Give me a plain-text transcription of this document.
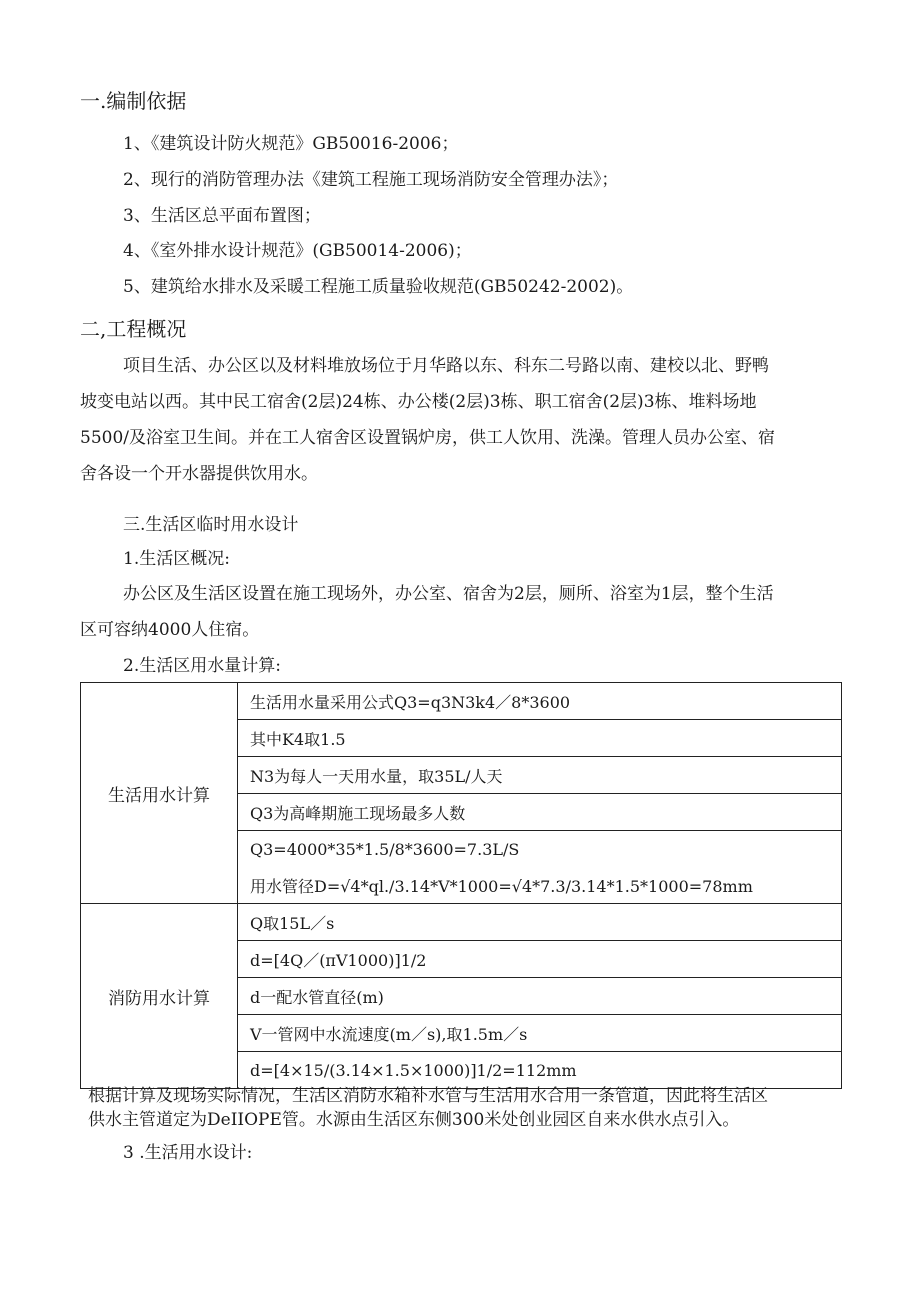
一.编制依据
1、《建筑设计防火规范》GB50016-2006；
2、现行的消防管理办法《建筑工程施工现场消防安全管理办法》；
3、生活区总平面布置图；
4、《室外排水设计规范》(GB50014-2006)；
5、建筑给水排水及采暖工程施工质量验收规范(GB50242-2002)。
二,工程概况
项目生活、办公区以及材料堆放场位于月华路以东、科东二号路以南、建校以北、野鸭
坡变电站以西。其中民工宿舍(2层)24栋、办公楼(2层)3栋、职工宿舍(2层)3栋、堆料场地
5500/及浴室卫生间。并在工人宿舍区设置锅炉房，供工人饮用、洗澡。管理人员办公室、宿
舍各设一个开水器提供饮用水。
三.生活区临时用水设计
1.生活区概况:
办公区及生活区设置在施工现场外，办公室、宿舍为2层，厕所、浴室为1层，整个生活
区可容纳4000人住宿。
2.生活区用水量计算:
生活用水计算	生活用水量采用公式Q3=q3N3k4／8*3600
	其中K4取1.5
	N3为每人一天用水量，取35L/人天
	Q3为高峰期施工现场最多人数
	Q3=4000*35*1.5/8*3600=7.3L/S
	用水管径D=√4*ql./3.14*V*1000=√4*7.3/3.14*1.5*1000=78mm
消防用水计算	Q取15L／s
	d=[4Q／(πV1000)]1/2
	d一配水管直径(m)
	V一管网中水流速度(m／s),取1.5m／s
	d=[4×15/(3.14×1.5×1000)]1/2=112mm
根据计算及现场实际情况，生活区消防水箱补水管与生活用水合用一条管道，因此将生活区
供水主管道定为DeIIOPE管。水源由生活区东侧300米处创业园区自来水供水点引入。
3 .生活用水设计:
